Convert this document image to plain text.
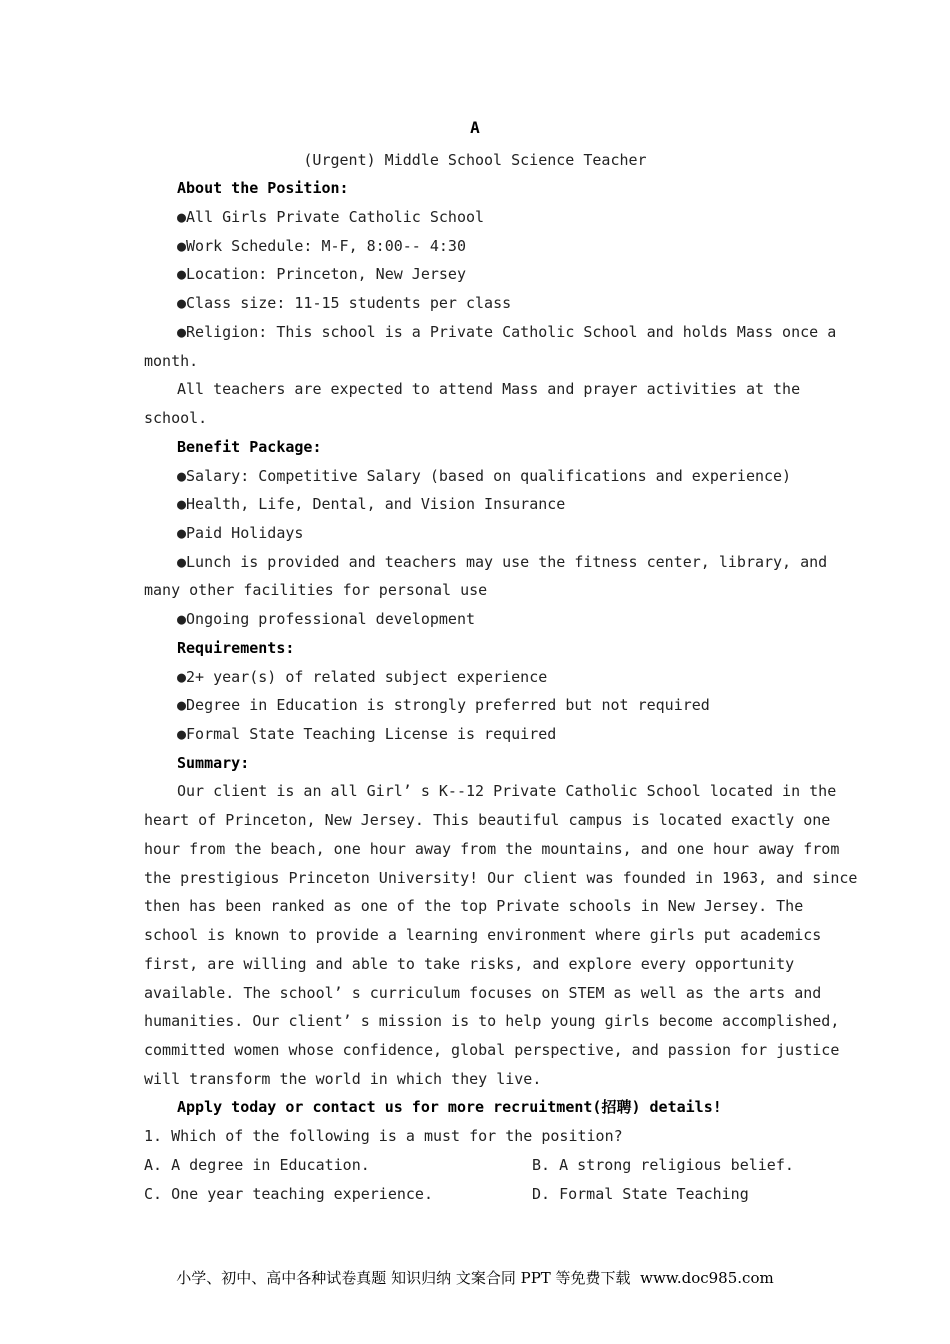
A
(Urgent) Middle School Science Teacher
About the Position:
●All Girls Private Catholic School
●Work Schedule: M-F, 8:00-- 4:30
●Location: Princeton, New Jersey
●Class size: 11-15 students per class
●Religion: This school is a Private Catholic School and holds Mass once a
month.
All teachers are expected to attend Mass and prayer activities at the
school.
Benefit Package:
●Salary: Competitive Salary (based on qualifications and experience)
●Health, Life, Dental, and Vision Insurance
●Paid Holidays
●Lunch is provided and teachers may use the fitness center, library, and
many other facilities for personal use
●Ongoing professional development
Requirements:
●2+ year(s) of related subject experience
●Degree in Education is strongly preferred but not required
●Formal State Teaching License is required
Summary:
Our client is an all Girl’ s K--12 Private Catholic School located in the
heart of Princeton, New Jersey. This beautiful campus is located exactly one
hour from the beach, one hour away from the mountains, and one hour away from
the prestigious Princeton University! Our client was founded in 1963, and since
then has been ranked as one of the top Private schools in New Jersey. The
school is known to provide a learning environment where girls put academics
first, are willing and able to take risks, and explore every opportunity
available. The school’ s curriculum focuses on STEM as well as the arts and
humanities. Our client’ s mission is to help young girls become accomplished,
committed women whose confidence, global perspective, and passion for justice
will transform the world in which they live.
Apply today or contact us for more recruitment(招聘) details!
1. Which of the following is a must for the position?
A. A degree in Education.	B. A strong religious belief.
C. One year teaching experience.	D. Formal State Teaching
小学、初中、高中各种试卷真题 知识归纳 文案合同 PPT 等免费下载  www.doc985.com
